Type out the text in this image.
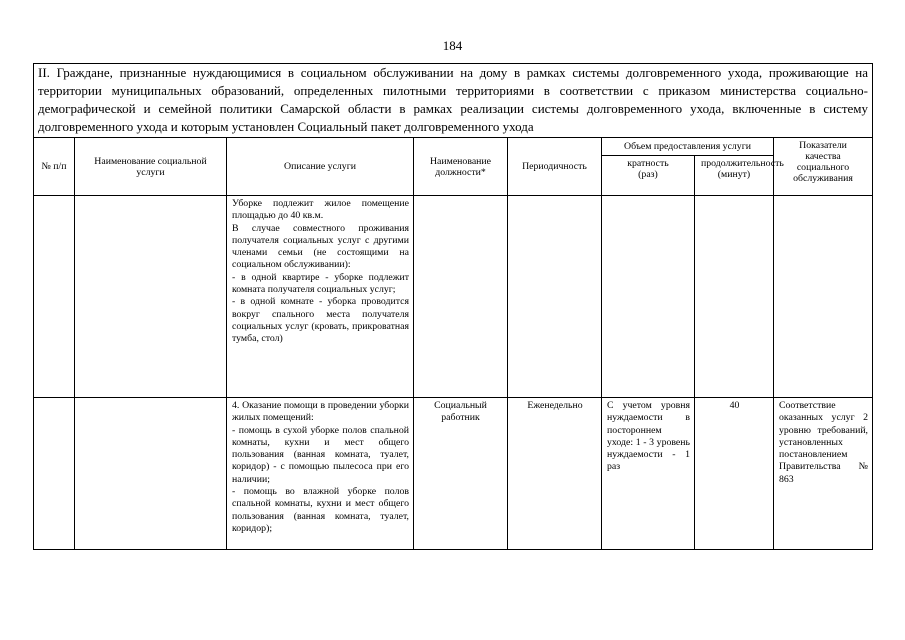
184
II. Граждане, признанные нуждающимися в социальном обслуживании на дому в рамках системы долговременного ухода, проживающие на территории муниципальных образований, определенных пилотными территориями в соответствии с приказом министерства социально-демографической и семейной политики Самарской области в рамках реализации системы долговременного ухода, включенные в систему долговременного ухода и которым установлен Социальный пакет долговременного ухода							
№ п/п	Наименование социальной услуги	Описание услуги	Наименование должности*	Периодичность	Объем предоставления услуги		Показатели качества социального обслуживания
					кратность (раз)	продолжительность (минут)	

		Уборке подлежит жилое помещение площадью до 40 кв.м.
В случае совместного проживания получателя социальных услуг с другими членами семьи (не состоящими на социальном обслуживании):
- в одной квартире - уборке подлежит комната получателя социальных услуг;
- в одной комнате - уборка проводится вокруг спального места получателя социальных услуг (кровать, прикроватная тумба, стол)					

		4. Оказание помощи в проведении уборки жилых помещений:
- помощь в сухой уборке полов спальной комнаты, кухни и мест общего пользования (ванная комната, туалет, коридор) - с помощью пылесоса при его наличии;
- помощь во влажной уборке полов спальной комнаты, кухни и мест общего пользования (ванная комната, туалет, коридор);	Социальный работник	Еженедельно	С учетом уровня нуждаемости в постороннем уходе: 1 - 3 уровень нуждаемости - 1 раз	40	Соответствие оказанных услуг 2 уровню требований, установленных постановлением Правительства № 863
